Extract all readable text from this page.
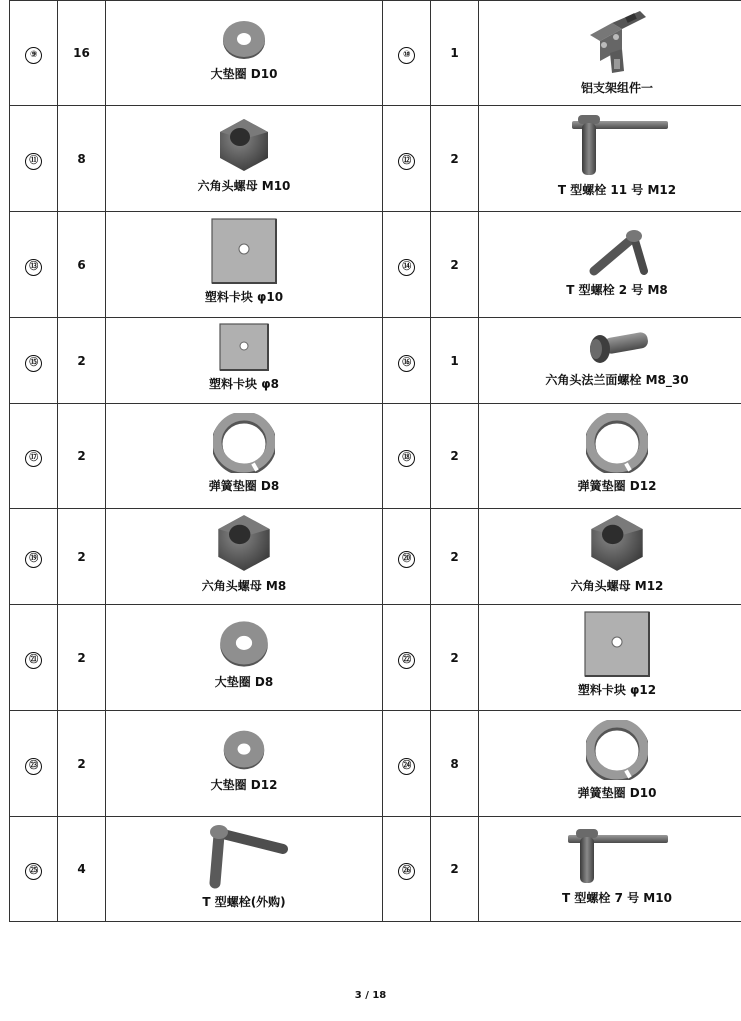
⑨	16	大垫圈 D10	⑩	1	铝支架组件一

⑪	8	六角头螺母 M10	⑫	2	T 型螺栓 11 号 M12

⑬	6	塑料卡块 φ10	⑭	2	T 型螺栓 2 号 M8

⑮	2	塑料卡块 φ8	⑯	1	六角头法兰面螺栓 M8_30

⑰	2	弹簧垫圈 D8	⑱	2	弹簧垫圈 D12

⑲	2	六角头螺母 M8	⑳	2	六角头螺母 M12

㉑	2	大垫圈 D8	㉒	2	塑料卡块 φ12

㉓	2	大垫圈 D12	㉔	8	弹簧垫圈 D10

㉕	4	T 型螺栓(外购)	㉖	2	T 型螺栓 7 号 M10
3 / 18
